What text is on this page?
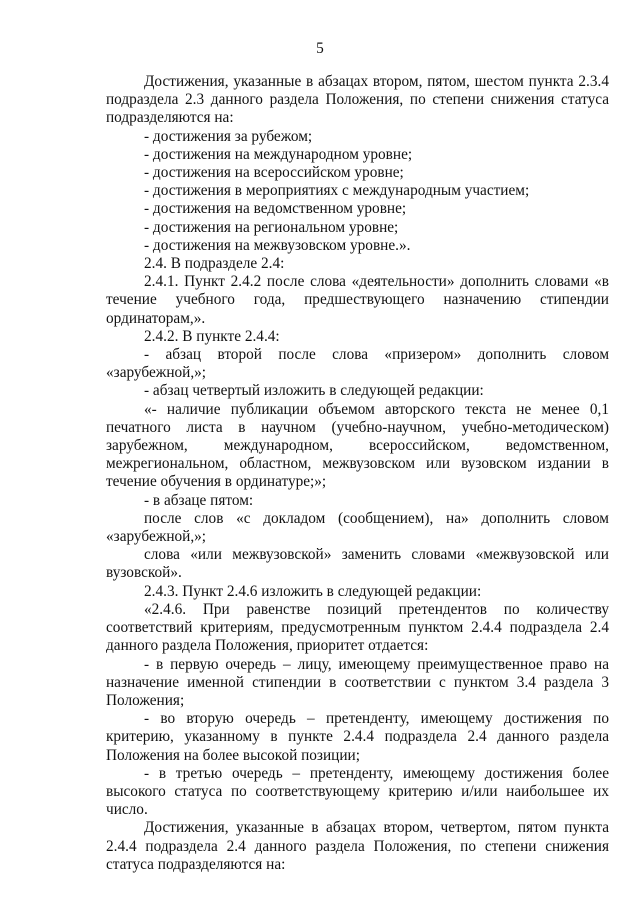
5

Достижения, указанные в абзацах втором, пятом, шестом пункта 2.3.4 подраздела 2.3 данного раздела Положения, по степени снижения статуса подразделяются на:

- достижения за рубежом;

- достижения на международном уровне;

- достижения на всероссийском уровне;

- достижения в мероприятиях с международным участием;

- достижения на ведомственном уровне;

- достижения на региональном уровне;

- достижения на межвузовском уровне.».

2.4. В подразделе 2.4:

2.4.1. Пункт 2.4.2 после слова «деятельности» дополнить словами «в течение учебного года, предшествующего назначению стипендии ординаторам,».

2.4.2. В пункте 2.4.4:

- абзац второй после слова «призером» дополнить словом «зарубежной,»;

- абзац четвертый изложить в следующей редакции:

«- наличие публикации объемом авторского текста не менее 0,1 печатного листа в научном (учебно-научном, учебно-методическом) зарубежном, международном, всероссийском, ведомственном, межрегиональном, областном, межвузовском или вузовском издании в течение обучения в ординатуре;»;

- в абзаце пятом:

после слов «с докладом (сообщением), на» дополнить словом «зарубежной,»;

слова «или межвузовской» заменить словами «межвузовской или вузовской».

2.4.3. Пункт 2.4.6 изложить в следующей редакции:

«2.4.6. При равенстве позиций претендентов по количеству соответствий критериям, предусмотренным пунктом 2.4.4 подраздела 2.4 данного раздела Положения, приоритет отдается:

- в первую очередь – лицу, имеющему преимущественное право на назначение именной стипендии в соответствии с пунктом 3.4 раздела 3 Положения;

- во вторую очередь – претенденту, имеющему достижения по критерию, указанному в пункте 2.4.4 подраздела 2.4 данного раздела Положения на более высокой позиции;

- в третью очередь – претенденту, имеющему достижения более высокого статуса по соответствующему критерию и/или наибольшее их число.

Достижения, указанные в абзацах втором, четвертом, пятом пункта 2.4.4 подраздела 2.4 данного раздела Положения, по степени снижения статуса подразделяются на:
